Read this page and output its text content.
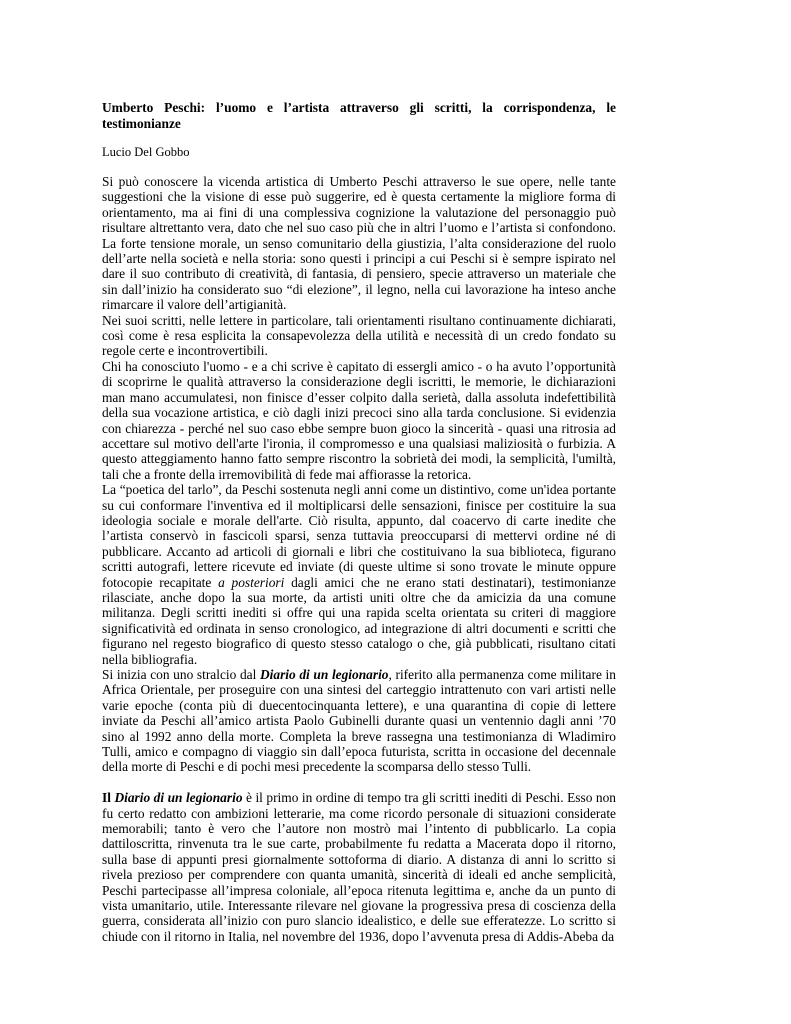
Umberto Peschi: l’uomo e l’artista attraverso gli scritti, la corrispondenza, le testimonianze
Lucio Del Gobbo

Si può conoscere la vicenda artistica di Umberto Peschi attraverso le sue opere, nelle tante suggestioni che la visione di esse può suggerire, ed è questa certamente la migliore forma di orientamento, ma ai fini di una complessiva cognizione la valutazione del personaggio può risultare altrettanto vera, dato che nel suo caso più che in altri l’uomo e l’artista si confondono. La forte tensione morale, un senso comunitario della giustizia, l’alta considerazione del ruolo dell’arte nella società e nella storia: sono questi i principi a cui Peschi si è sempre ispirato nel dare il suo contributo di creatività, di fantasia, di pensiero, specie attraverso un materiale che sin dall’inizio ha considerato suo “di elezione”, il legno, nella cui lavorazione ha inteso anche rimarcare il valore dell’artigianità.

Nei suoi scritti, nelle lettere in particolare, tali orientamenti risultano continuamente dichiarati, così come è resa esplicita la consapevolezza della utilità e necessità di un credo fondato su regole certe e incontrovertibili.

Chi ha conosciuto l'uomo - e a chi scrive è capitato di essergli amico - o ha avuto l’opportunità di scoprirne le qualità attraverso la considerazione degli iscritti, le memorie, le dichiarazioni man mano accumulatesi, non finisce d’esser colpito dalla serietà, dalla assoluta indefettibilità della sua vocazione artistica, e ciò dagli inizi precoci sino alla tarda conclusione. Si evidenzia con chiarezza - perché nel suo caso ebbe sempre buon gioco la sincerità - quasi una ritrosia ad accettare sul motivo dell'arte l'ironia, il compromesso e una qualsiasi maliziosità o furbizia. A questo atteggiamento hanno fatto sempre riscontro la sobrietà dei modi, la semplicità, l'umiltà, tali che a fronte della irremovibilità di fede mai affiorasse la retorica.

La “poetica del tarlo”, da Peschi sostenuta negli anni come un distintivo, come un'idea portante su cui conformare l'inventiva ed il moltiplicarsi delle sensazioni, finisce per costituire la sua ideologia sociale e morale dell'arte. Ciò risulta, appunto, dal coacervo di carte inedite che l’artista conservò in fascicoli sparsi, senza tuttavia preoccuparsi di mettervi ordine né di pubblicare. Accanto ad articoli di giornali e libri che costituivano la sua biblioteca, figurano scritti autografi, lettere ricevute ed inviate (di queste ultime si sono trovate le minute oppure fotocopie recapitate a posteriori dagli amici che ne erano stati destinatari), testimonianze rilasciate, anche dopo la sua morte, da artisti uniti oltre che da amicizia da una comune militanza. Degli scritti inediti si offre qui una rapida scelta orientata su criteri di maggiore significatività ed ordinata in senso cronologico, ad integrazione di altri documenti e scritti che figurano nel regesto biografico di questo stesso catalogo o che, già pubblicati, risultano citati nella bibliografia.

Si inizia con uno stralcio dal Diario di un legionario, riferito alla permanenza come militare in Africa Orientale, per proseguire con una sintesi del carteggio intrattenuto con vari artisti nelle varie epoche (conta più di duecentocinquanta lettere), e una quarantina di copie di lettere inviate da Peschi all’amico artista Paolo Gubinelli durante quasi un ventennio dagli anni ’70 sino al 1992 anno della morte. Completa la breve rassegna una testimonianza di Wladimiro Tulli, amico e compagno di viaggio sin dall’epoca futurista, scritta in occasione del decennale della morte di Peschi e di pochi mesi precedente la scomparsa dello stesso Tulli.

Il Diario di un legionario è il primo in ordine di tempo tra gli scritti inediti di Peschi. Esso non fu certo redatto con ambizioni letterarie, ma come ricordo personale di situazioni considerate memorabili; tanto è vero che l’autore non mostrò mai l’intento di pubblicarlo. La copia dattiloscritta, rinvenuta tra le sue carte, probabilmente fu redatta a Macerata dopo il ritorno, sulla base di appunti presi giornalmente sottoforma di diario. A distanza di anni lo scritto si rivela prezioso per comprendere con quanta umanità, sincerità di ideali ed anche semplicità, Peschi partecipasse all’impresa coloniale, all’epoca ritenuta legittima e, anche da un punto di vista umanitario, utile. Interessante rilevare nel giovane la progressiva presa di coscienza della guerra, considerata all’inizio con puro slancio idealistico, e delle sue efferatezze. Lo scritto si chiude con il ritorno in Italia, nel novembre del 1936, dopo l’avvenuta presa di Addis-Abeba da
